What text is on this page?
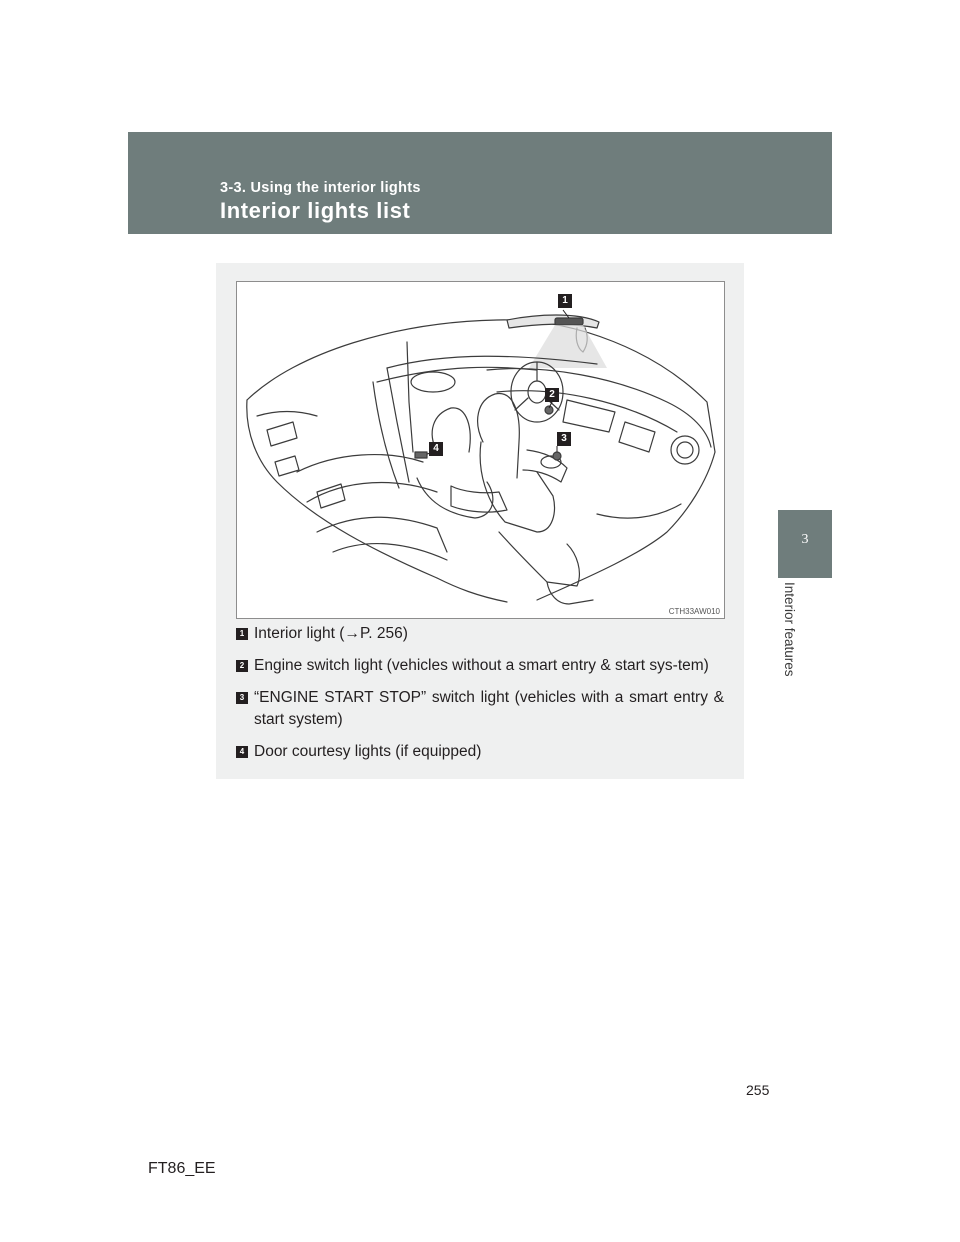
3-3. Using the interior lights
Interior lights list
3
Interior features
1
2
3
4
CTH33AW010
1 Interior light (→P. 256)
2 Engine switch light (vehicles without a smart entry & start sys-tem)
3 “ENGINE START STOP” switch light (vehicles with a smart entry & start system)
4 Door courtesy lights (if equipped)
255
FT86_EE
